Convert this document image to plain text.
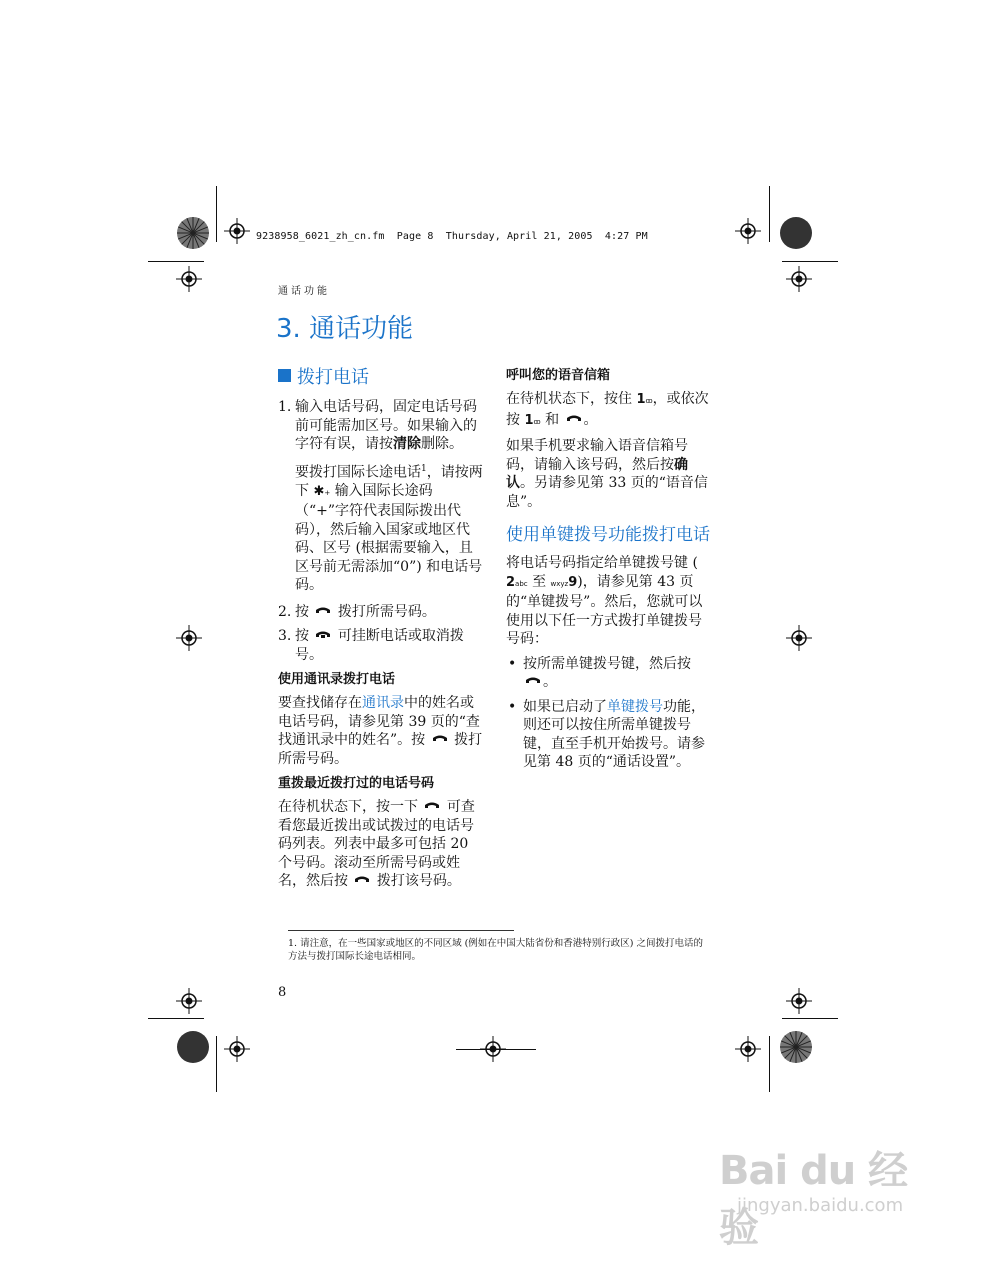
9238958_6021_zh_cn.fm  Page 8  Thursday, April 21, 2005  4:27 PM
通话功能
3. 通话功能
拨打电话
1. 输入电话号码，固定电话号码前可能需加区号。如果输入的字符有误，请按清除删除。
要拨打国际长途电话$^1$，请按两下 ✱+ 输入国际长途码（“+”字符代表国际拨出代码），然后输入国家或地区代码、区号 (根据需要输入，且区号前无需添加“0”) 和电话号码。
2. 按 拨打所需号码。
3. 按 可挂断电话或取消拨号。
使用通讯录拨打电话

要查找储存在通讯录中的姓名或电话号码，请参见第 39 页的“查找通讯录中的姓名”。按 拨打所需号码。

重拨最近拨打过的电话号码

在待机状态下，按一下 可查看您最近拨出或试拨过的电话号码列表。列表中最多可包括 20 个号码。滚动至所需号码或姓名，然后按 拨打该号码。

呼叫您的语音信箱

在待机状态下，按住 1ꝏ，或依次按 1ꝏ 和 。

如果手机要求输入语音信箱号码，请输入该号码，然后按确认。另请参见第 33 页的“语音信息”。

使用单键拨号功能拨打电话

将电话号码指定给单键拨号键 (2abc 至 wxyz9)，请参见第 43 页的“单键拨号”。然后，您就可以使用以下任一方式拨打单键拨号号码：

• 按所需单键拨号键，然后按 。
• 如果已启动了单键拨号功能，则还可以按住所需单键拨号键，直至手机开始拨号。请参见第 48 页的“通话设置”。
1. 请注意，在一些国家或地区的不同区域 (例如在中国大陆省份和香港特别行政区) 之间拨打电话的方法与拨打国际长途电话相同。
8
Bai du 经验
jingyan.baidu.com
